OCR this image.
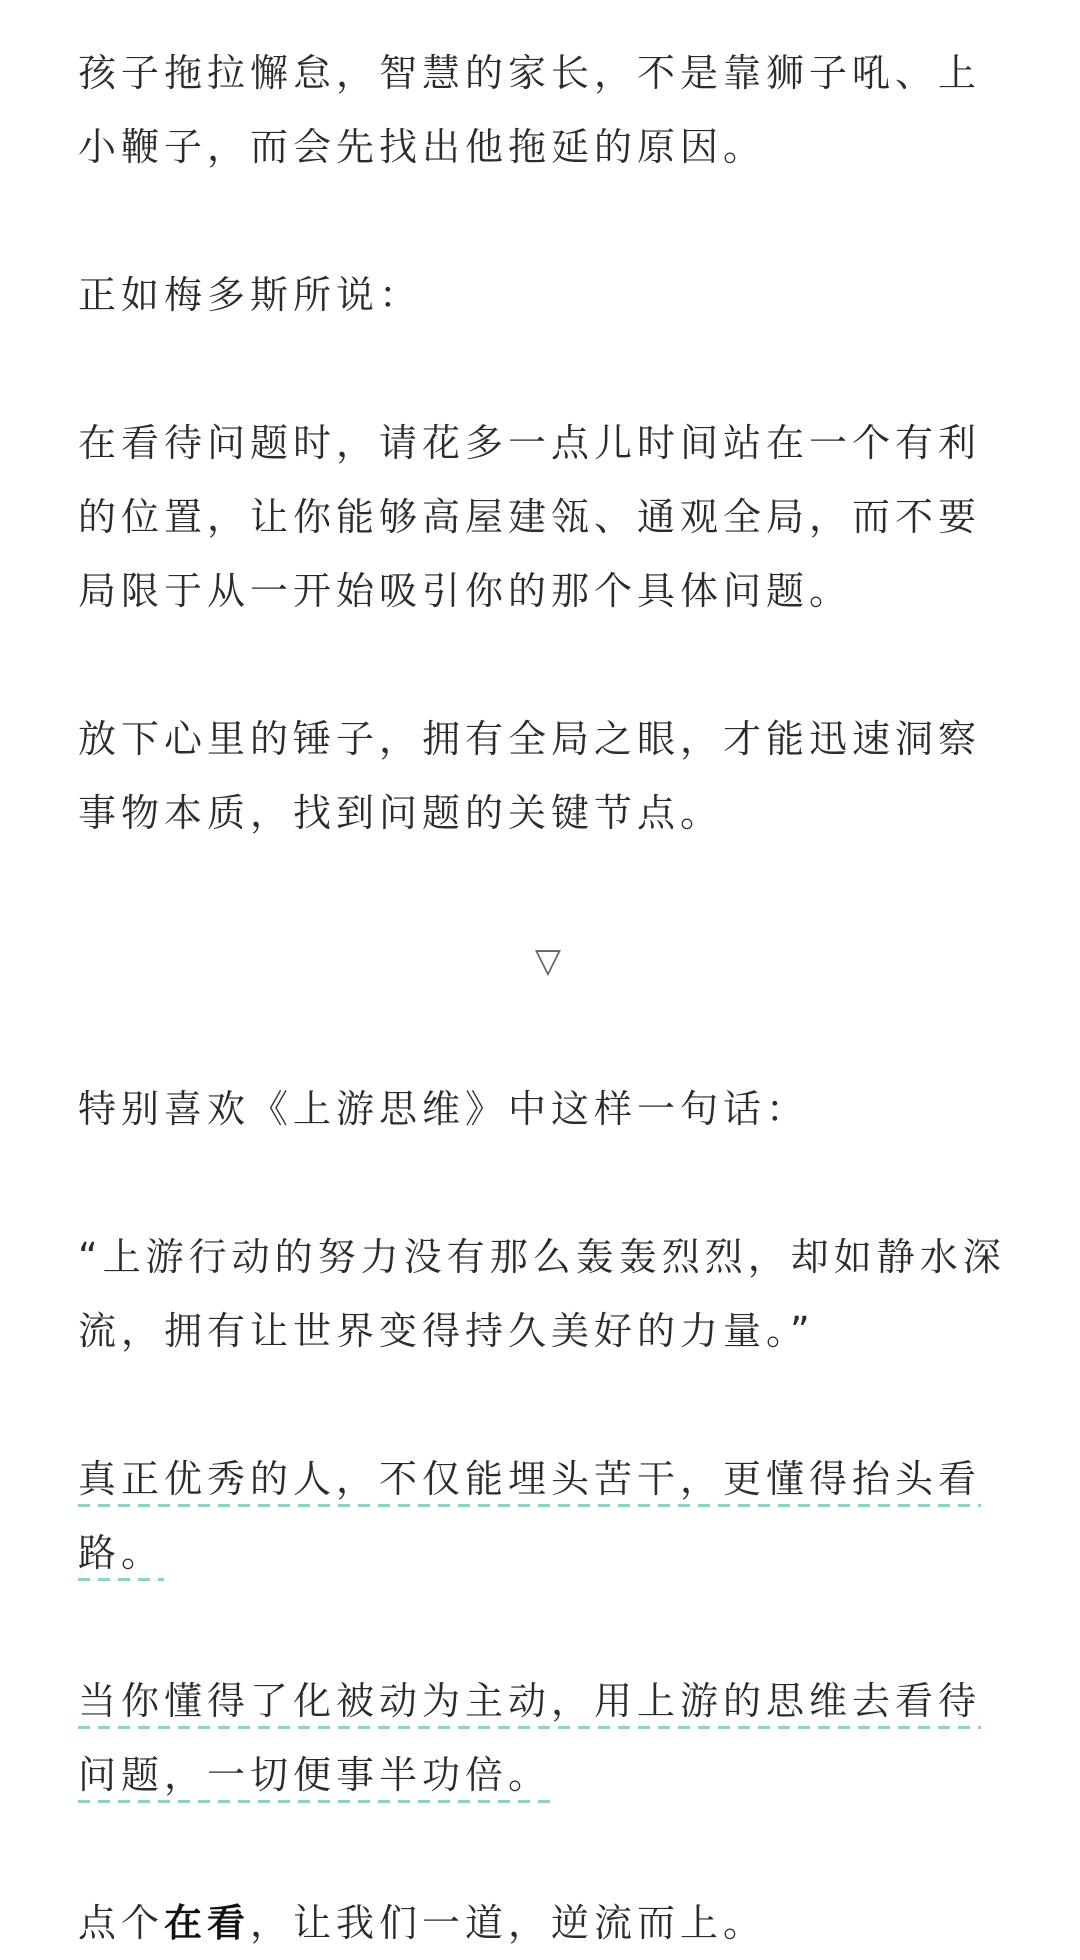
孩子拖拉懈怠，智慧的家长，不是靠狮子吼、上小鞭子，而会先找出他拖延的原因。

正如梅多斯所说：

在看待问题时，请花多一点儿时间站在一个有利的位置，让你能够高屋建瓴、通观全局，而不要局限于从一开始吸引你的那个具体问题。

放下心里的锤子，拥有全局之眼，才能迅速洞察事物本质，找到问题的关键节点。

▽

特别喜欢《上游思维》中这样一句话：

“上游行动的努力没有那么轰轰烈烈，却如静水深流，拥有让世界变得持久美好的力量。”

真正优秀的人，不仅能埋头苦干，更懂得抬头看路。

当你懂得了化被动为主动，用上游的思维去看待问题，一切便事半功倍。

点个在看，让我们一道，逆流而上。
